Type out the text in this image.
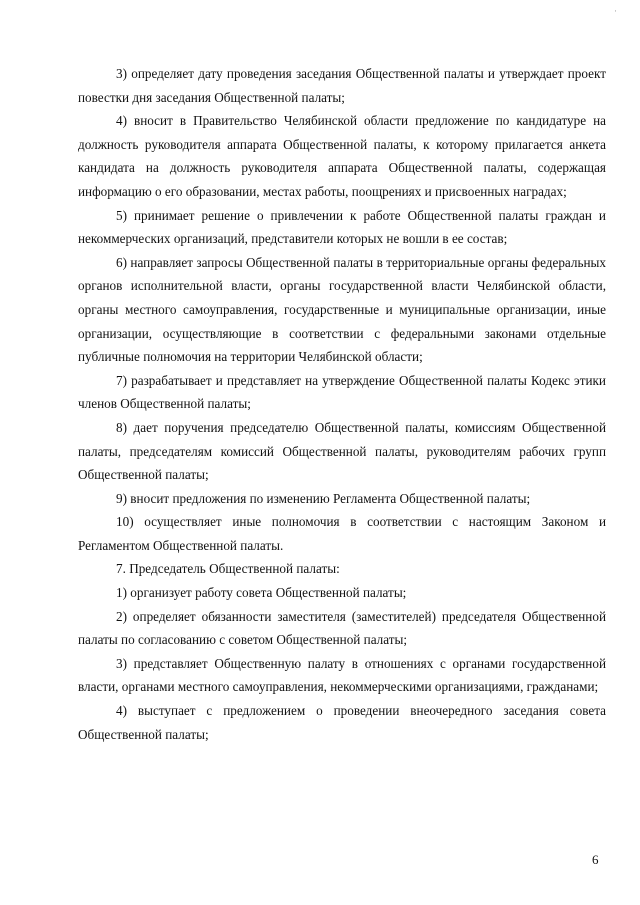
·

3) определяет дату проведения заседания Общественной палаты и утверждает проект повестки дня заседания Общественной палаты;

4) вносит в Правительство Челябинской области предложение по кандидатуре на должность руководителя аппарата Общественной палаты, к которому прилагается анкета кандидата на должность руководителя аппарата Общественной палаты, содержащая информацию о его образовании, местах работы, поощрениях и присвоенных наградах;

5) принимает решение о привлечении к работе Общественной палаты граждан и некоммерческих организаций, представители которых не вошли в ее состав;

6) направляет запросы Общественной палаты в территориальные органы федеральных органов исполнительной власти, органы государственной власти Челябинской области, органы местного самоуправления, государственные и муниципальные организации, иные организации, осуществляющие в соответствии с федеральными законами отдельные публичные полномочия на территории Челябинской области;

7) разрабатывает и представляет на утверждение Общественной палаты Кодекс этики членов Общественной палаты;

8) дает поручения председателю Общественной палаты, комиссиям Общественной палаты, председателям комиссий Общественной палаты, руководителям рабочих групп Общественной палаты;

9) вносит предложения по изменению Регламента Общественной палаты;

10) осуществляет иные полномочия в соответствии с настоящим Законом и Регламентом Общественной палаты.

7. Председатель Общественной палаты:

1) организует работу совета Общественной палаты;

2) определяет обязанности заместителя (заместителей) председателя Общественной палаты по согласованию с советом Общественной палаты;

3) представляет Общественную палату в отношениях с органами государственной власти, органами местного самоуправления, некоммерческими организациями, гражданами;

4) выступает с предложением о проведении внеочередного заседания совета Общественной палаты;

6
